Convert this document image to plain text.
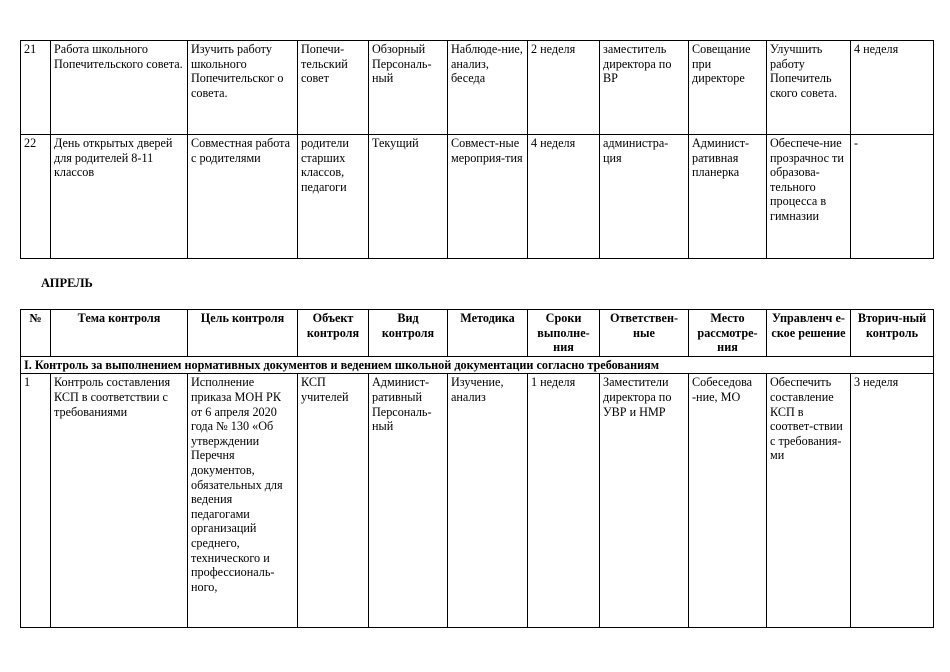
21	Работа школьного Попечительского совета.	Изучить работу школьного Попечительског о совета.	Попечи-тельский совет	Обзорный Персональ-ный	Наблюде-ние, анализ, беседа	2 неделя	заместитель директора по ВР	Совещание при директоре	Улучшить работу Попечитель ского совета.	4 неделя
22	День открытых дверей для родителей 8-11 классов	Совместная работа с родителями	родители старших классов, педагоги	Текущий	Совмест-ные мероприя-тия	4 неделя	администра-ция	Админист-ративная планерка	Обеспече-ние прозрачнос ти образова-тельного процесса в гимназии	-
АПРЕЛЬ
№	Тема контроля	Цель контроля	Объект контроля	Вид контроля	Методика	Сроки выполне-ния	Ответствен-ные	Место рассмотре-ния	Управленч е-ское решение	Вторич-ный контроль
I. Контроль за выполнением нормативных документов и ведением школьной документации согласно требованиям										
1	Контроль составления КСП в соответствии с требованиями	Исполнение приказа МОН РК от 6 апреля 2020 года № 130 «Об утверждении Перечня документов, обязательных для ведения педагогами организаций среднего, технического и профессиональ-ного,	КСП учителей	Админист-ративный Персональ-ный	Изучение, анализ	1 неделя	Заместители директора по УВР и НМР	Собеседова -ние, МО	Обеспечить составление КСП в соответ-ствии с требования-ми	3 неделя
